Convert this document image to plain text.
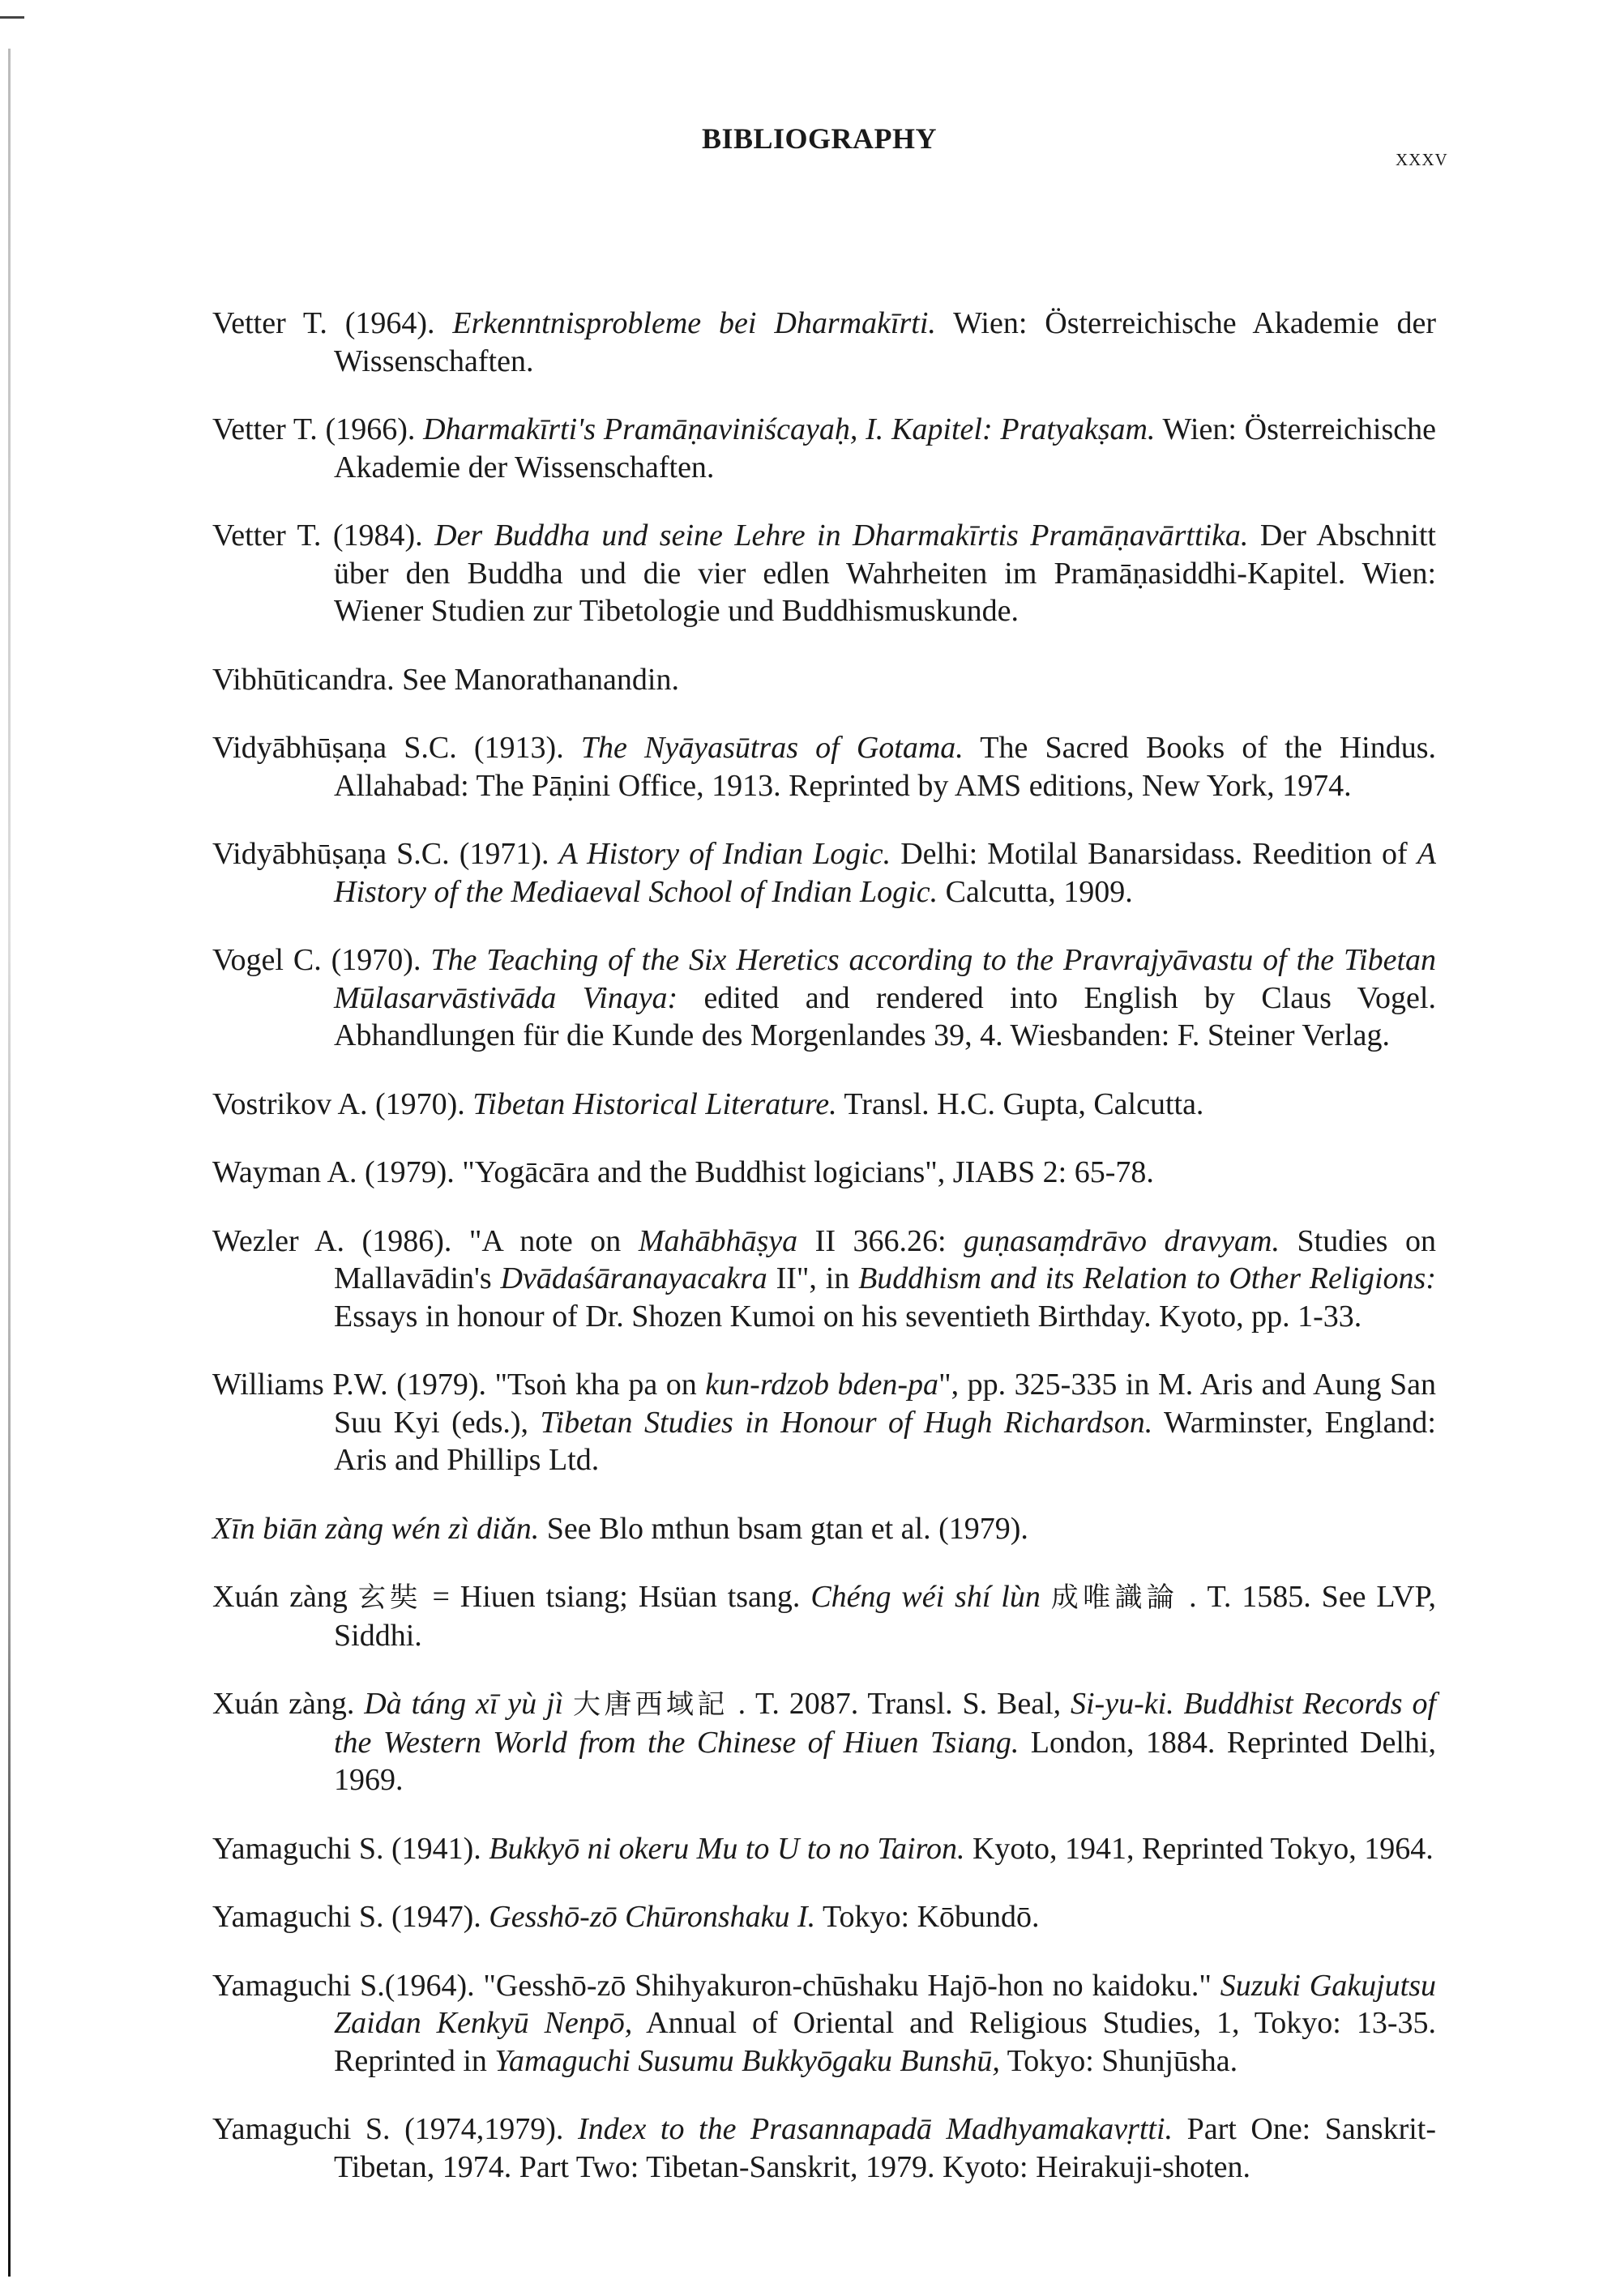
BIBLIOGRAPHY
xxxv

Vetter T. (1964). Erkenntnisprobleme bei Dharmakīrti. Wien: Österreichische Akademie der Wissenschaften.

Vetter T. (1966). Dharmakīrti's Pramāṇaviniścayaḥ, I. Kapitel: Pratyakṣam. Wien: Österreichische Akademie der Wissenschaften.

Vetter T. (1984). Der Buddha und seine Lehre in Dharmakīrtis Pramāṇavārttika. Der Abschnitt über den Buddha und die vier edlen Wahrheiten im Pramāṇasiddhi-Kapitel. Wien: Wiener Studien zur Tibetologie und Buddhismuskunde.

Vibhūticandra. See Manorathanandin.

Vidyābhūṣaṇa S.C. (1913). The Nyāyasūtras of Gotama. The Sacred Books of the Hindus. Allahabad: The Pāṇini Office, 1913. Reprinted by AMS editions, New York, 1974.

Vidyābhūṣaṇa S.C. (1971). A History of Indian Logic. Delhi: Motilal Banarsidass. Reedition of A History of the Mediaeval School of Indian Logic. Calcutta, 1909.

Vogel C. (1970). The Teaching of the Six Heretics according to the Pravrajyāvastu of the Tibetan Mūlasarvāstivāda Vinaya: edited and rendered into English by Claus Vogel. Abhandlungen für die Kunde des Morgenlandes 39, 4. Wiesbanden: F. Steiner Verlag.

Vostrikov A. (1970). Tibetan Historical Literature. Transl. H.C. Gupta, Calcutta.

Wayman A. (1979). "Yogācāra and the Buddhist logicians", JIABS 2: 65-78.

Wezler A. (1986). "A note on Mahābhāṣya II 366.26: guṇasaṃdrāvo dravyam. Studies on Mallavādin's Dvādaśāranayacakra II", in Buddhism and its Relation to Other Religions: Essays in honour of Dr. Shozen Kumoi on his seventieth Birthday. Kyoto, pp. 1-33.

Williams P.W. (1979). "Tsoṅ kha pa on kun-rdzob bden-pa", pp. 325-335 in M. Aris and Aung San Suu Kyi (eds.), Tibetan Studies in Honour of Hugh Richardson. Warminster, England: Aris and Phillips Ltd.

Xīn biān zàng wén zì diǎn. See Blo mthun bsam gtan et al. (1979).

Xuán zàng 玄奘 = Hiuen tsiang; Hsüan tsang. Chéng wéi shí lùn 成唯識論 . T. 1585. See LVP, Siddhi.

Xuán zàng. Dà táng xī yù jì 大唐西域記 . T. 2087. Transl. S. Beal, Si-yu-ki. Buddhist Records of the Western World from the Chinese of Hiuen Tsiang. London, 1884. Reprinted Delhi, 1969.

Yamaguchi S. (1941). Bukkyō ni okeru Mu to U to no Tairon. Kyoto, 1941, Reprinted Tokyo, 1964.

Yamaguchi S. (1947). Gesshō-zō Chūronshaku I. Tokyo: Kōbundō.

Yamaguchi S.(1964). "Gesshō-zō Shihyakuron-chūshaku Hajō-hon no kaidoku." Suzuki Gakujutsu Zaidan Kenkyū Nenpō, Annual of Oriental and Religious Studies, 1, Tokyo: 13-35. Reprinted in Yamaguchi Susumu Bukkyōgaku Bunshū, Tokyo: Shunjūsha.

Yamaguchi S. (1974,1979). Index to the Prasannapadā Madhyamakavṛtti. Part One: Sanskrit-Tibetan, 1974. Part Two: Tibetan-Sanskrit, 1979. Kyoto: Heirakuji-shoten.
